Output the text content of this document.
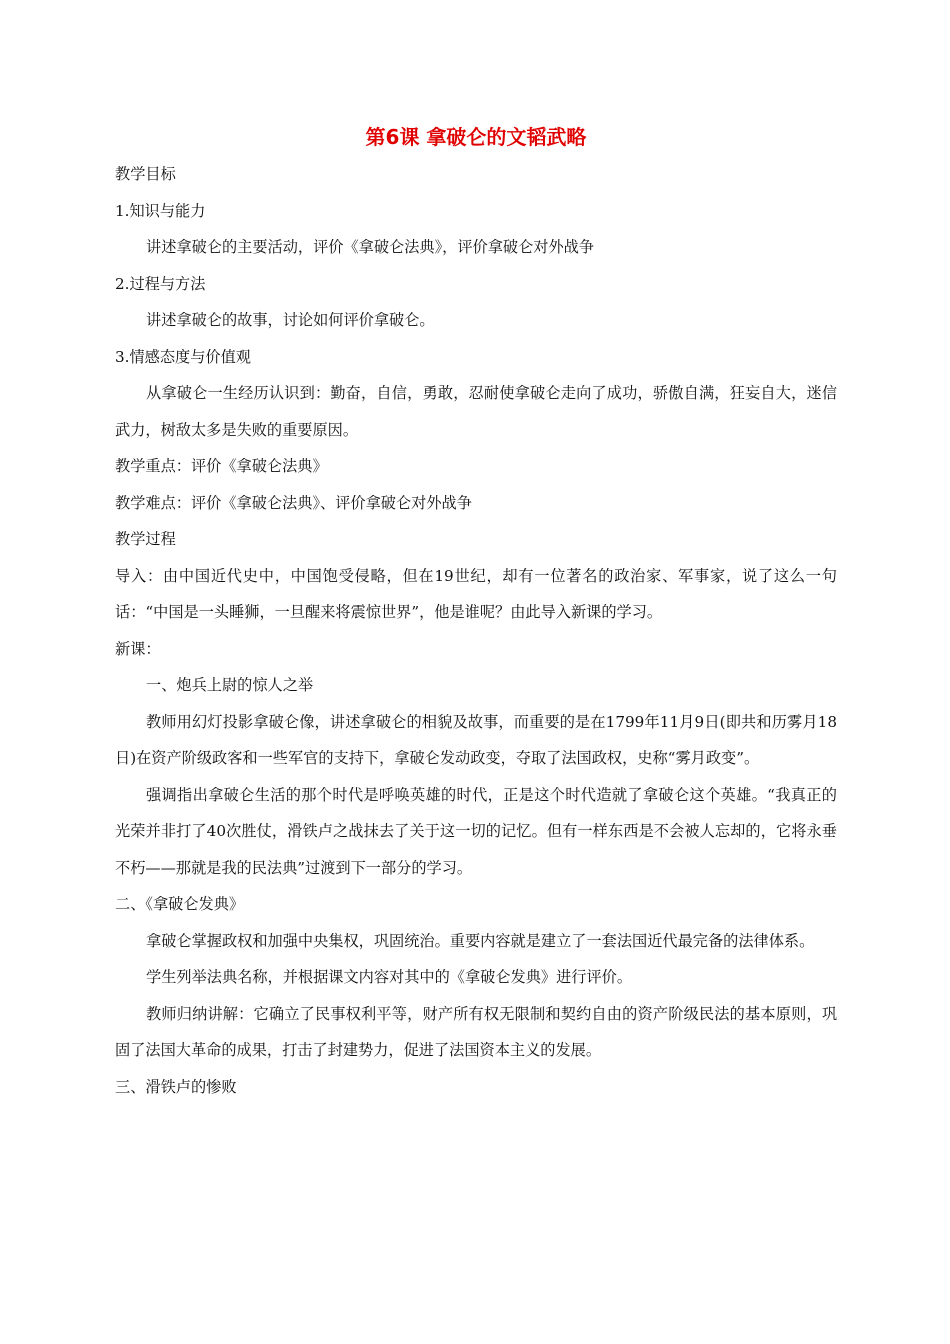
第6课 拿破仑的文韬武略

教学目标

1.知识与能力

讲述拿破仑的主要活动，评价《拿破仑法典》，评价拿破仑对外战争

2.过程与方法

讲述拿破仑的故事，讨论如何评价拿破仑。

3.情感态度与价值观

从拿破仑一生经历认识到：勤奋，自信，勇敢，忍耐使拿破仑走向了成功，骄傲自满，狂妄自大，迷信武力，树敌太多是失败的重要原因。

教学重点：评价《拿破仑法典》

教学难点：评价《拿破仑法典》、评价拿破仑对外战争

教学过程

导入：由中国近代史中，中国饱受侵略，但在19世纪，却有一位著名的政治家、军事家，说了这么一句话：“中国是一头睡狮，一旦醒来将震惊世界”，他是谁呢？由此导入新课的学习。

新课：

一、炮兵上尉的惊人之举

教师用幻灯投影拿破仑像，讲述拿破仑的相貌及故事，而重要的是在1799年11月9日(即共和历雾月18日)在资产阶级政客和一些军官的支持下，拿破仑发动政变，夺取了法国政权，史称“雾月政变”。

强调指出拿破仑生活的那个时代是呼唤英雄的时代，正是这个时代造就了拿破仑这个英雄。“我真正的光荣并非打了40次胜仗，滑铁卢之战抹去了关于这一切的记忆。但有一样东西是不会被人忘却的，它将永垂不朽——那就是我的民法典”过渡到下一部分的学习。

二、《拿破仑发典》

拿破仑掌握政权和加强中央集权，巩固统治。重要内容就是建立了一套法国近代最完备的法律体系。

学生列举法典名称，并根据课文内容对其中的《拿破仑发典》进行评价。

教师归纳讲解：它确立了民事权利平等，财产所有权无限制和契约自由的资产阶级民法的基本原则，巩固了法国大革命的成果，打击了封建势力，促进了法国资本主义的发展。

三、滑铁卢的惨败
